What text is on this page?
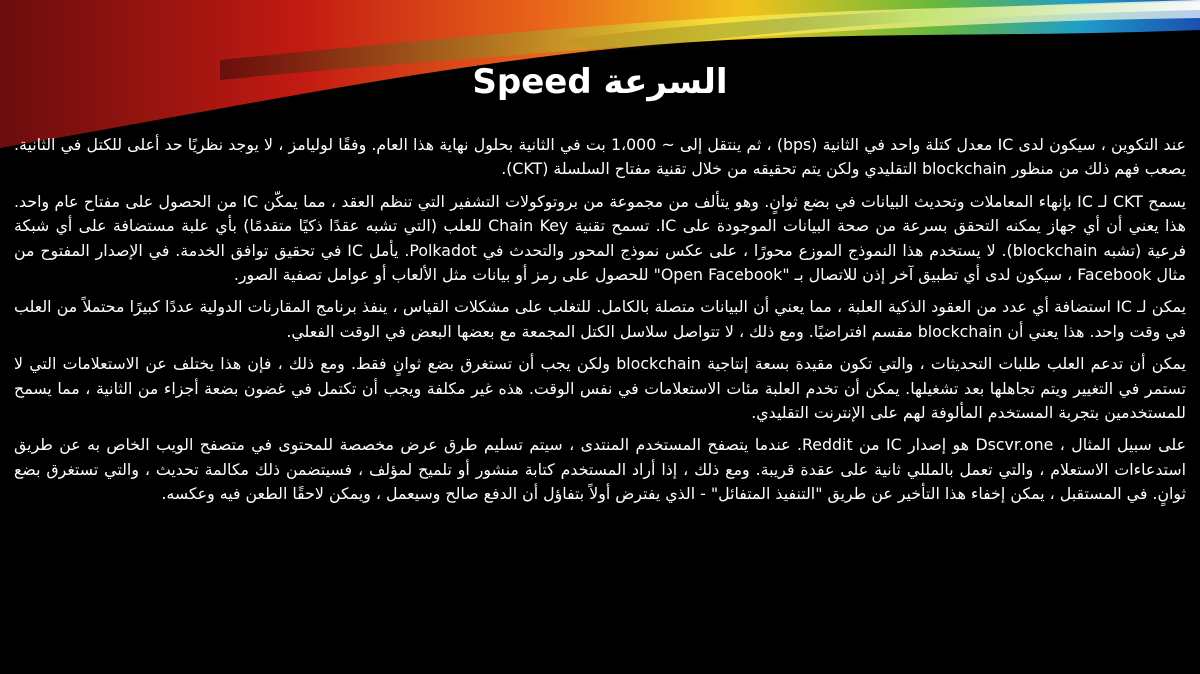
السرعة Speed

عند التكوين ، سيكون لدى IC معدل كتلة واحد في الثانية (bps) ، ثم ينتقل إلى ~ 1،000 بت في الثانية بحلول نهاية هذا العام. وفقًا لوليامز ، لا يوجد نظريًا حد أعلى للكتل في الثانية. يصعب فهم ذلك من منظور blockchain التقليدي ولكن يتم تحقيقه من خلال تقنية مفتاح السلسلة (CKT).

يسمح CKT لـ IC بإنهاء المعاملات وتحديث البيانات في بضع ثوانٍ. وهو يتألف من مجموعة من بروتوكولات التشفير التي تنظم العقد ، مما يمكّن IC من الحصول على مفتاح عام واحد. هذا يعني أن أي جهاز يمكنه التحقق بسرعة من صحة البيانات الموجودة على IC. تسمح تقنية Chain Key للعلب (التي تشبه عقدًا ذكيًا متقدمًا) بأي علبة مستضافة على أي شبكة فرعية (تشبه blockchain). لا يستخدم هذا النموذج الموزع محورًا ، على عكس نموذج المحور والتحدث في Polkadot. يأمل IC في تحقيق توافق الخدمة. في الإصدار المفتوح من مثال Facebook ، سيكون لدى أي تطبيق آخر إذن للاتصال بـ "Open Facebook" للحصول على رمز أو بيانات مثل الألعاب أو عوامل تصفية الصور.

يمكن لـ IC استضافة أي عدد من العقود الذكية العلبة ، مما يعني أن البيانات متصلة بالكامل. للتغلب على مشكلات القياس ، ينفذ برنامج المقارنات الدولية عددًا كبيرًا محتملاً من العلب في وقت واحد. هذا يعني أن blockchain مقسم افتراضيًا. ومع ذلك ، لا تتواصل سلاسل الكتل المجمعة مع بعضها البعض في الوقت الفعلي.

يمكن أن تدعم العلب طلبات التحديثات ، والتي تكون مقيدة بسعة إنتاجية blockchain ولكن يجب أن تستغرق بضع ثوانٍ فقط. ومع ذلك ، فإن هذا يختلف عن الاستعلامات التي لا تستمر في التغيير ويتم تجاهلها بعد تشغيلها. يمكن أن تخدم العلبة مئات الاستعلامات في نفس الوقت. هذه غير مكلفة ويجب أن تكتمل في غضون بضعة أجزاء من الثانية ، مما يسمح للمستخدمين بتجربة المستخدم المألوفة لهم على الإنترنت التقليدي.

على سبيل المثال ، Dscvr.one هو إصدار IC من Reddit. عندما يتصفح المستخدم المنتدى ، سيتم تسليم طرق عرض مخصصة للمحتوى في متصفح الويب الخاص به عن طريق استدعاءات الاستعلام ، والتي تعمل بالمللي ثانية على عقدة قريبة. ومع ذلك ، إذا أراد المستخدم كتابة منشور أو تلميح لمؤلف ، فسيتضمن ذلك مكالمة تحديث ، والتي تستغرق بضع ثوانٍ. في المستقبل ، يمكن إخفاء هذا التأخير عن طريق "التنفيذ المتفائل" - الذي يفترض أولاً بتفاؤل أن الدفع صالح وسيعمل ، ويمكن لاحقًا الطعن فيه وعكسه.
